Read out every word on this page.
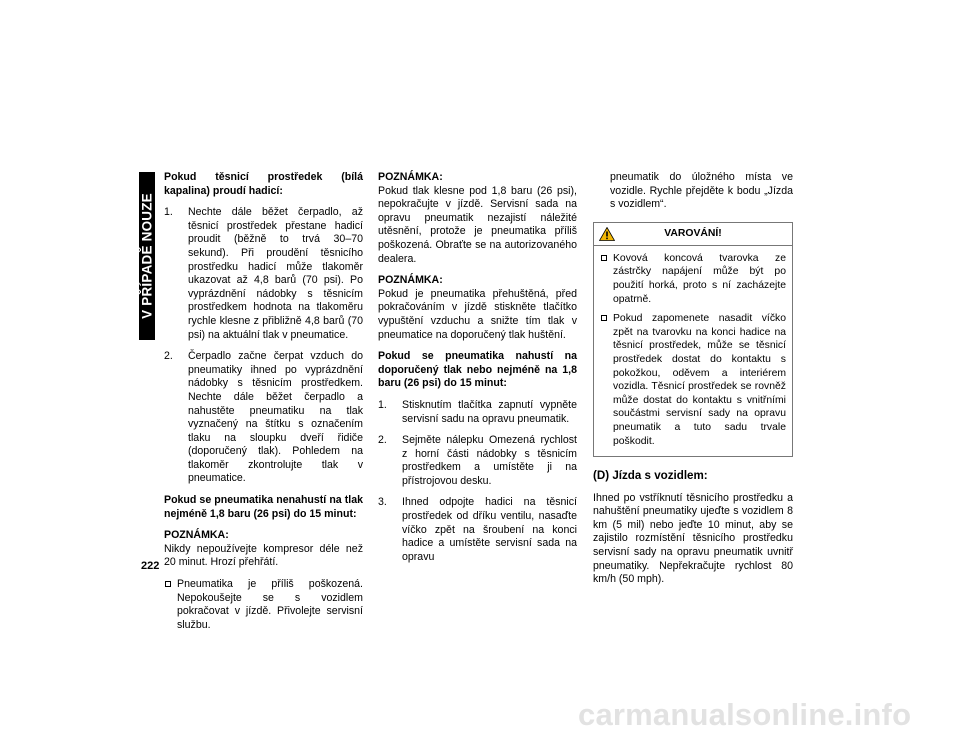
V PŘÍPADĚ NOUZE
222

Pokud těsnicí prostředek (bílá kapalina) proudí hadicí:

1. Nechte dále běžet čerpadlo, až těsnicí prostředek přestane hadicí proudit (běžně to trvá 30–70 sekund). Při proudění těsnicího prostředku hadicí může tlakoměr ukazovat až 4,8 barů (70 psi). Po vyprázdnění nádobky s těsnicím prostředkem hodnota na tlakoměru rychle klesne z přibližně 4,8 barů (70 psi) na aktuální tlak v pneumatice.
2. Čerpadlo začne čerpat vzduch do pneumatiky ihned po vyprázdnění nádobky s těsnicím prostředkem. Nechte dále běžet čerpadlo a nahustěte pneumatiku na tlak vyznačený na štítku s označením tlaku na sloupku dveří řidiče (doporučený tlak). Pohledem na tlakoměr zkontrolujte tlak v pneumatice.

Pokud se pneumatika nenahustí na tlak nejméně 1,8 baru (26 psi) do 15 minut:

POZNÁMKA:
Nikdy nepoužívejte kompresor déle než 20 minut. Hrozí přehřátí.

Pneumatika je příliš poškozená. Nepokoušejte se s vozidlem pokračovat v jízdě. Přivolejte servisní službu.

POZNÁMKA:
Pokud tlak klesne pod 1,8 baru (26 psi), nepokračujte v jízdě. Servisní sada na opravu pneumatik nezajistí náležité utěsnění, protože je pneumatika příliš poškozená. Obraťte se na autorizovaného dealera.

POZNÁMKA:
Pokud je pneumatika přehuštěná, před pokračováním v jízdě stiskněte tlačítko vypuštění vzduchu a snižte tím tlak v pneumatice na doporučený tlak huštění.

Pokud se pneumatika nahustí na doporučený tlak nebo nejméně na 1,8 baru (26 psi) do 15 minut:

1. Stisknutím tlačítka zapnutí vypněte servisní sadu na opravu pneumatik.
2. Sejměte nálepku Omezená rychlost z horní části nádobky s těsnicím prostředkem a umístěte ji na přístrojovou desku.
3. Ihned odpojte hadici na těsnicí prostředek od dříku ventilu, nasaďte víčko zpět na šroubení na konci hadice a umístěte servisní sada na opravu
pneumatik do úložného místa ve vozidle. Rychle přejděte k bodu „Jízda s vozidlem“.
VAROVÁNÍ!
Kovová koncová tvarovka ze zástrčky napájení může být po použití horká, proto s ní zacházejte opatrně.
Pokud zapomenete nasadit víčko zpět na tvarovku na konci hadice na těsnicí prostředek, může se těsnicí prostředek dostat do kontaktu s pokožkou, oděvem a interiérem vozidla. Těsnicí prostředek se rovněž může dostat do kontaktu s vnitřními součástmi servisní sady na opravu pneumatik a tuto sadu trvale poškodit.
(D) Jízda s vozidlem:

Ihned po vstříknutí těsnicího prostředku a nahuštění pneumatiky ujeďte s vozidlem 8 km (5 mil) nebo jeďte 10 minut, aby se zajistilo rozmístění těsnicího prostředku servisní sady na opravu pneumatik uvnitř pneumatiky. Nepřekračujte rychlost 80 km/h (50 mph).

carmanualsonline.info
